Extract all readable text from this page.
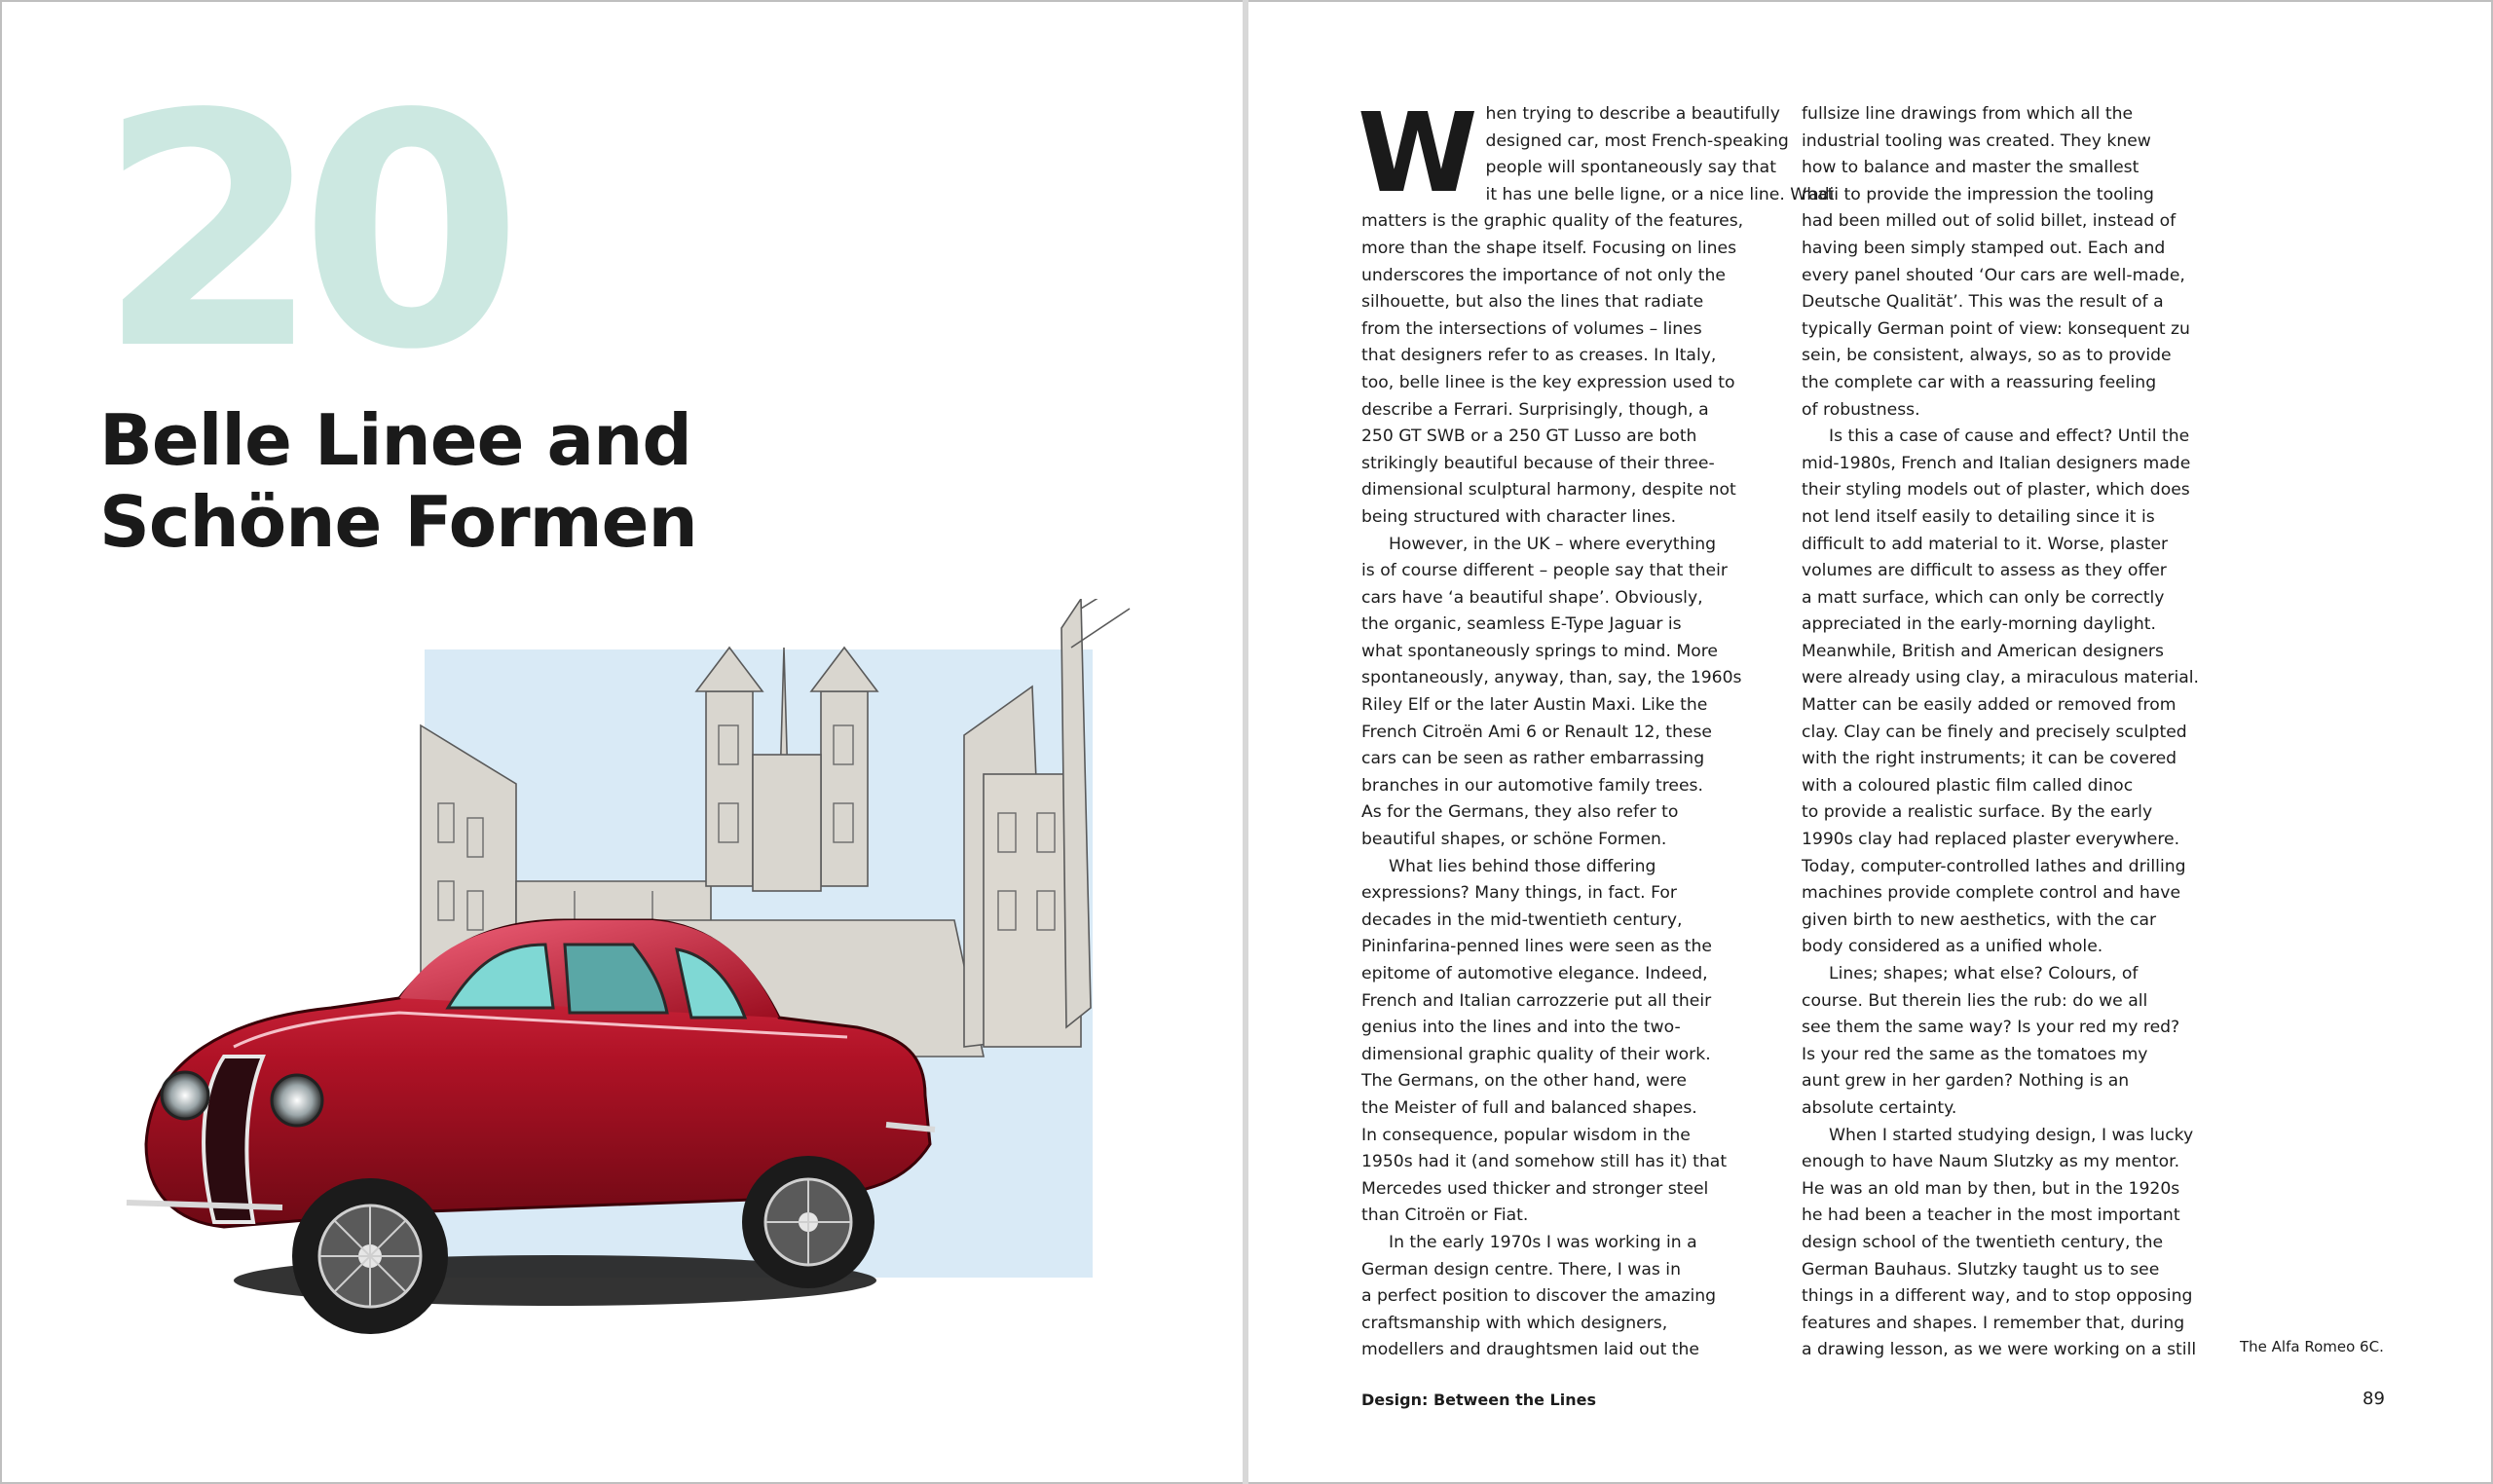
20
Belle Linee and
Schöne Formen

W hen trying to describe a beautifully
designed car, most French-speaking
people will spontaneously say that
it has une belle ligne, or a nice line. What
matters is the graphic quality of the features,
more than the shape itself. Focusing on lines
underscores the importance of not only the
silhouette, but also the lines that radiate
from the intersections of volumes – lines
that designers refer to as creases. In Italy,
too, belle linee is the key expression used to
describe a Ferrari. Surprisingly, though, a
250 GT SWB or a 250 GT Lusso are both
strikingly beautiful because of their three-
dimensional sculptural harmony, despite not
being structured with character lines.

However, in the UK – where everything
is of course different – people say that their
cars have ‘a beautiful shape’. Obviously,
the organic, seamless E-Type Jaguar is
what spontaneously springs to mind. More
spontaneously, anyway, than, say, the 1960s
Riley Elf or the later Austin Maxi. Like the
French Citroën Ami 6 or Renault 12, these
cars can be seen as rather embarrassing
branches in our automotive family trees.
As for the Germans, they also refer to
beautiful shapes, or schöne Formen.

What lies behind those differing
expressions? Many things, in fact. For
decades in the mid-twentieth century,
Pininfarina-penned lines were seen as the
epitome of automotive elegance. Indeed,
French and Italian carrozzerie put all their
genius into the lines and into the two-
dimensional graphic quality of their work.
The Germans, on the other hand, were
the Meister of full and balanced shapes.
In consequence, popular wisdom in the
1950s had it (and somehow still has it) that
Mercedes used thicker and stronger steel
than Citroën or Fiat.

In the early 1970s I was working in a
German design centre. There, I was in
a perfect position to discover the amazing
craftsmanship with which designers,
modellers and draughtsmen laid out the

fullsize line drawings from which all the
industrial tooling was created. They knew
how to balance and master the smallest
radii to provide the impression the tooling
had been milled out of solid billet, instead of
having been simply stamped out. Each and
every panel shouted ‘Our cars are well-made,
Deutsche Qualität’. This was the result of a
typically German point of view: konsequent zu
sein, be consistent, always, so as to provide
the complete car with a reassuring feeling
of robustness.

Is this a case of cause and effect? Until the
mid-1980s, French and Italian designers made
their styling models out of plaster, which does
not lend itself easily to detailing since it is
difficult to add material to it. Worse, plaster
volumes are difficult to assess as they offer
a matt surface, which can only be correctly
appreciated in the early-morning daylight.
Meanwhile, British and American designers
were already using clay, a miraculous material.
Matter can be easily added or removed from
clay. Clay can be finely and precisely sculpted
with the right instruments; it can be covered
with a coloured plastic film called dinoc
to provide a realistic surface. By the early
1990s clay had replaced plaster everywhere.
Today, computer-controlled lathes and drilling
machines provide complete control and have
given birth to new aesthetics, with the car
body considered as a unified whole.

Lines; shapes; what else? Colours, of
course. But therein lies the rub: do we all
see them the same way? Is your red my red?
Is your red the same as the tomatoes my
aunt grew in her garden? Nothing is an
absolute certainty.

When I started studying design, I was lucky
enough to have Naum Slutzky as my mentor.
He was an old man by then, but in the 1920s
he had been a teacher in the most important
design school of the twentieth century, the
German Bauhaus. Slutzky taught us to see
things in a different way, and to stop opposing
features and shapes. I remember that, during
a drawing lesson, as we were working on a still	The Alfa Romeo 6C.
Design: Between the Lines	89
